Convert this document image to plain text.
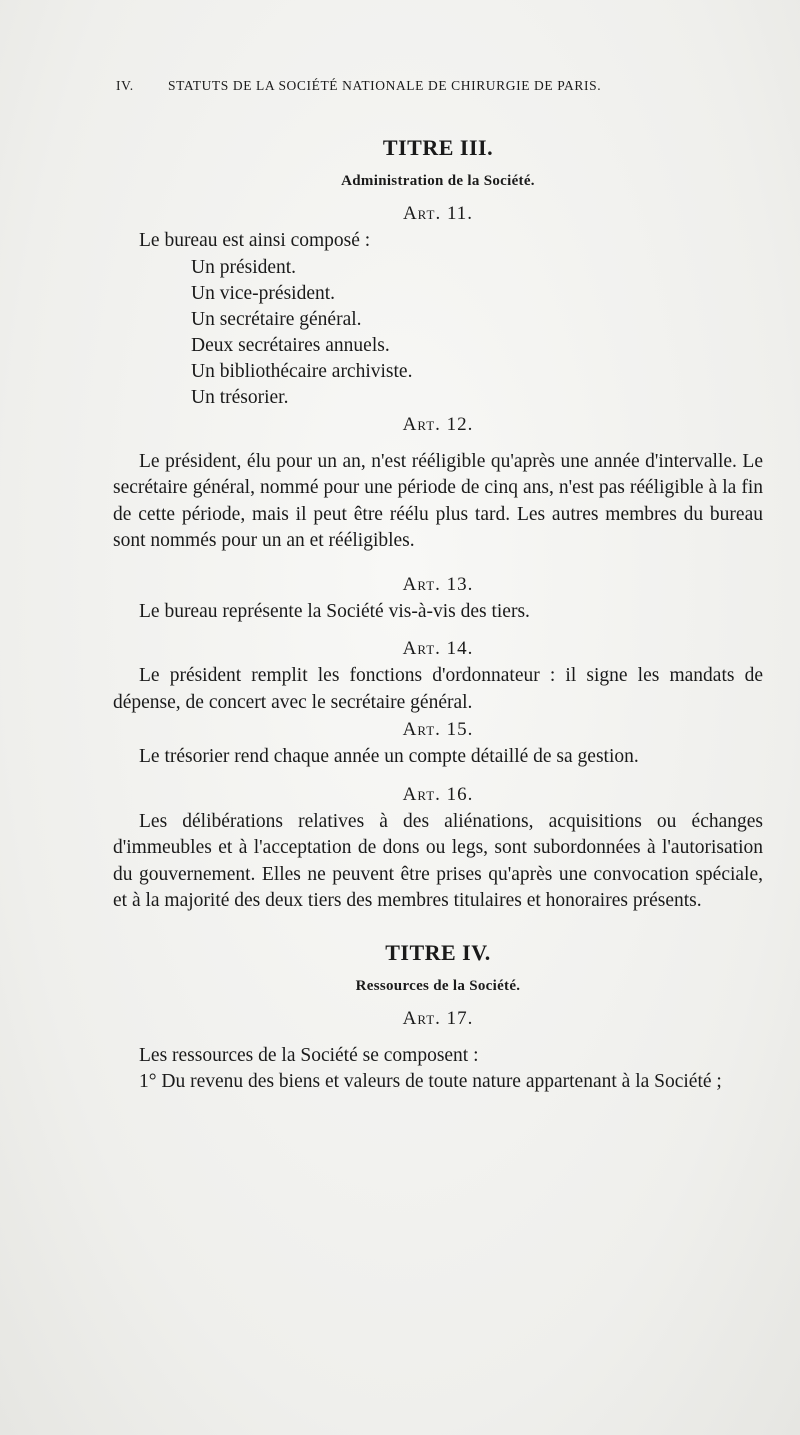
IV.	STATUTS DE LA SOCIÉTÉ NATIONALE DE CHIRURGIE DE PARIS.
TITRE III.
Administration de la Société.
Art. 11.

Le bureau est ainsi composé :

Un président.
Un vice-président.
Un secrétaire général.
Deux secrétaires annuels.
Un bibliothécaire archiviste.
Un trésorier.
Art. 12.

Le président, élu pour un an, n'est rééligible qu'après une année d'intervalle. Le secrétaire général, nommé pour une période de cinq ans, n'est pas rééligible à la fin de cette période, mais il peut être réélu plus tard. Les autres membres du bureau sont nommés pour un an et rééligibles.

Art. 13.

Le bureau représente la Société vis-à-vis des tiers.

Art. 14.

Le président remplit les fonctions d'ordonnateur : il signe les mandats de dépense, de concert avec le secrétaire général.

Art. 15.

Le trésorier rend chaque année un compte détaillé de sa gestion.

Art. 16.

Les délibérations relatives à des aliénations, acquisitions ou échanges d'immeubles et à l'acceptation de dons ou legs, sont subordonnées à l'autorisation du gouvernement. Elles ne peuvent être prises qu'après une convocation spéciale, et à la majorité des deux tiers des membres titulaires et honoraires présents.

TITRE IV.
Ressources de la Société.
Art. 17.

Les ressources de la Société se composent :

1° Du revenu des biens et valeurs de toute nature appartenant à la Société ;
